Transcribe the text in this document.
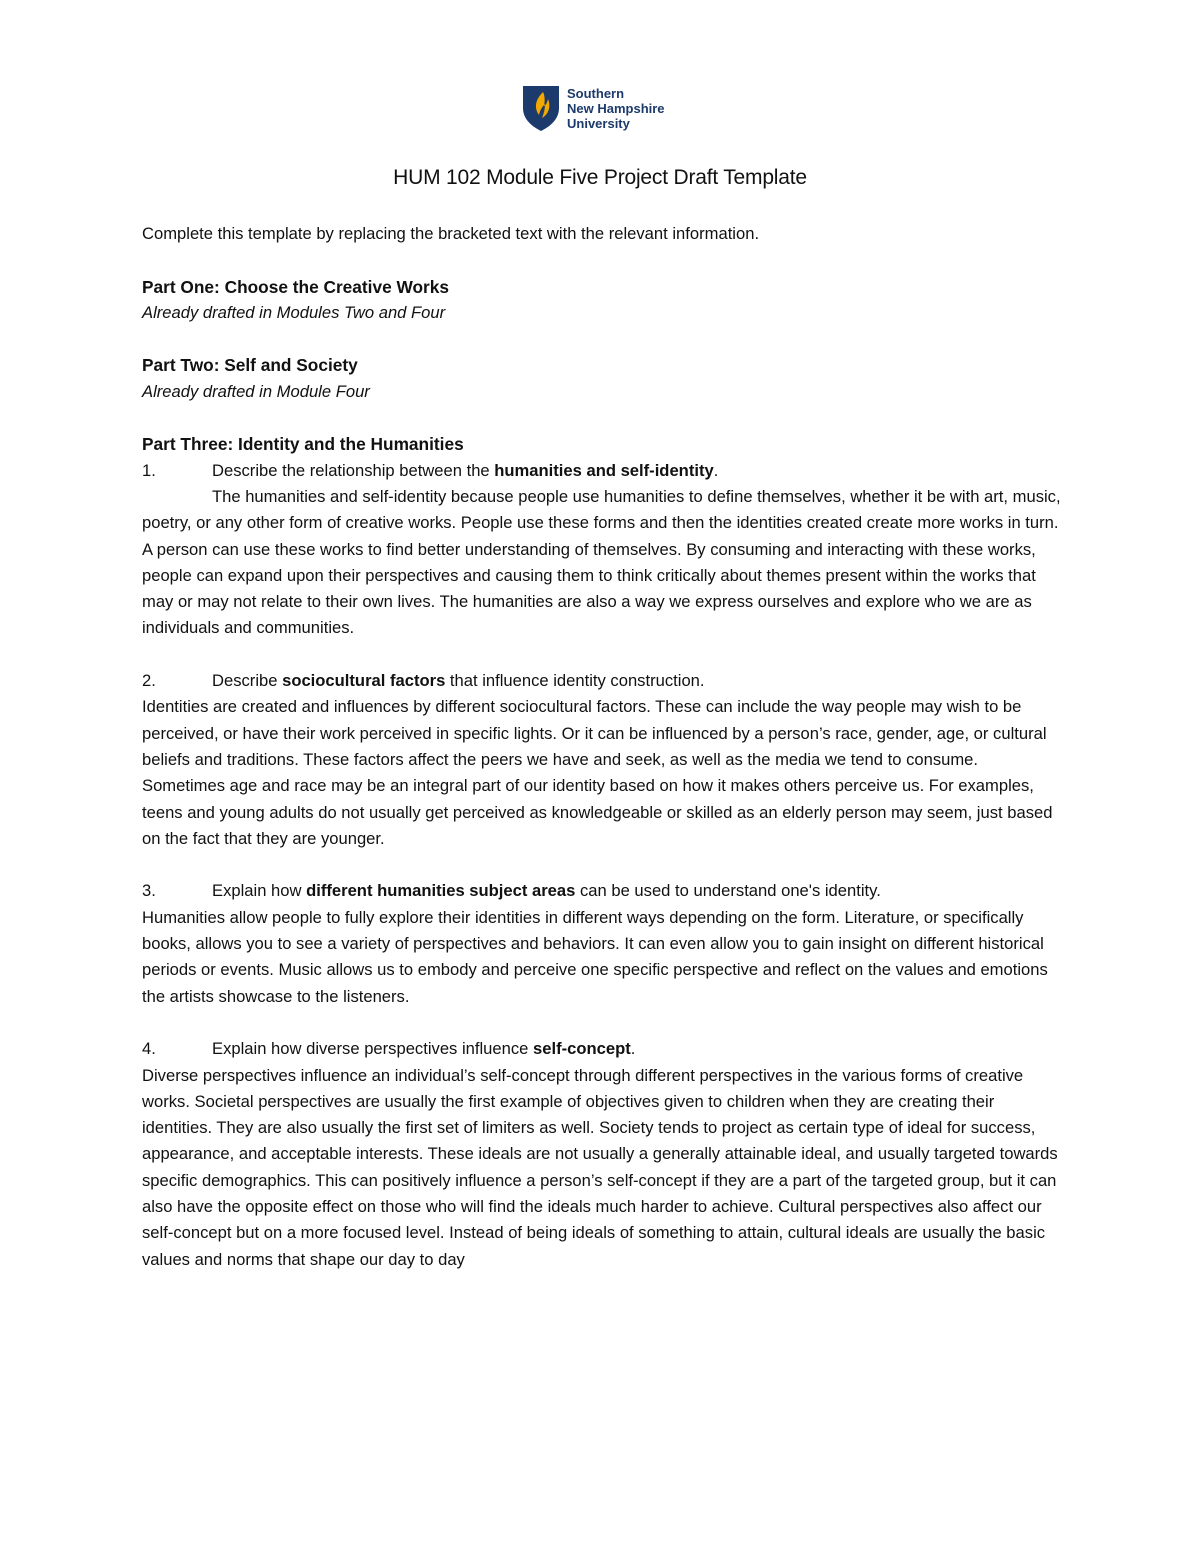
Southern
New Hampshire
University
HUM 102 Module Five Project Draft Template

Complete this template by replacing the bracketed text with the relevant information.

Part One: Choose the Creative Works

Already drafted in Modules Two and Four

Part Two: Self and Society

Already drafted in Module Four

Part Three: Identity and the Humanities

1.	Describe the relationship between the humanities and self-identity.

The humanities and self-identity because people use humanities to define themselves, whether it be with art, music, poetry, or any other form of creative works. People use these forms and then the identities created create more works in turn. A person can use these works to find better understanding of themselves. By consuming and interacting with these works, people can expand upon their perspectives and causing them to think critically about themes present within the works that may or may not relate to their own lives. The humanities are also a way we express ourselves and explore who we are as individuals and communities.

2.	Describe sociocultural factors that influence identity construction.

Identities are created and influences by different sociocultural factors. These can include the way people may wish to be perceived, or have their work perceived in specific lights. Or it can be influenced by a person’s race, gender, age, or cultural beliefs and traditions. These factors affect the peers we have and seek, as well as the media we tend to consume. Sometimes age and race may be an integral part of our identity based on how it makes others perceive us. For examples, teens and young adults do not usually get perceived as knowledgeable or skilled as an elderly person may seem, just based on the fact that they are younger.

3.	Explain how different humanities subject areas can be used to understand one's identity.

Humanities allow people to fully explore their identities in different ways depending on the form. Literature, or specifically books, allows you to see a variety of perspectives and behaviors. It can even allow you to gain insight on different historical periods or events. Music allows us to embody and perceive one specific perspective and reflect on the values and emotions the artists showcase to the listeners.

4.	Explain how diverse perspectives influence self-concept.

Diverse perspectives influence an individual’s self-concept through different perspectives in the various forms of creative works. Societal perspectives are usually the first example of objectives given to children when they are creating their identities. They are also usually the first set of limiters as well. Society tends to project as certain type of ideal for success, appearance, and acceptable interests. These ideals are not usually a generally attainable ideal, and usually targeted towards specific demographics. This can positively influence a person’s self-concept if they are a part of the targeted group, but it can also have the opposite effect on those who will find the ideals much harder to achieve. Cultural perspectives also affect our self-concept but on a more focused level. Instead of being ideals of something to attain, cultural ideals are usually the basic values and norms that shape our day to day
